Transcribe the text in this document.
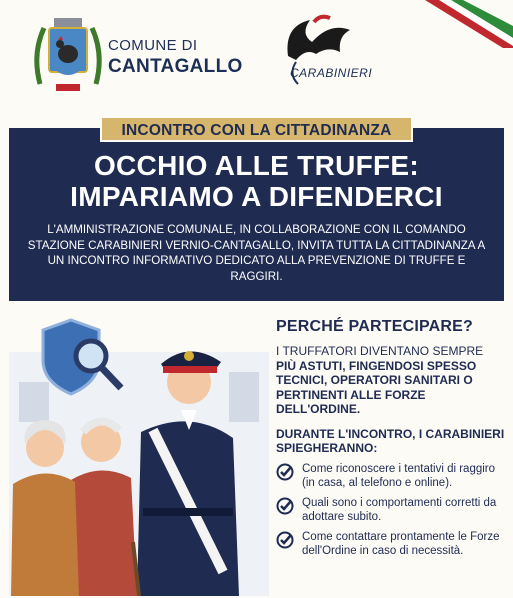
COMUNE DI
CANTAGALLO	CARABINIERI
INCONTRO CON LA CITTADINANZA
OCCHIO ALLE TRUFFE:
IMPARIAMO A DIFENDERCI
L'AMMINISTRAZIONE COMUNALE, IN COLLABORAZIONE CON IL COMANDO STAZIONE CARABINIERI VERNIO-CANTAGALLO, INVITA TUTTA LA CITTADINANZA A UN INCONTRO INFORMATIVO DEDICATO ALLA PREVENZIONE DI TRUFFE E RAGGIRI.
PERCHÉ PARTECIPARE?
I TRUFFATORI DIVENTANO SEMPRE PIÙ ASTUTI, FINGENDOSI SPESSO TECNICI, OPERATORI SANITARI O PERTINENTI ALLE FORZE DELL'ORDINE.
DURANTE L'INCONTRO, I CARABINIERI SPIEGHERANNO:
Come riconoscere i tentativi di raggiro (in casa, al telefono e online).
Quali sono i comportamenti corretti da adottare subito.
Come contattare prontamente le Forze dell'Ordine in caso di necessità.
